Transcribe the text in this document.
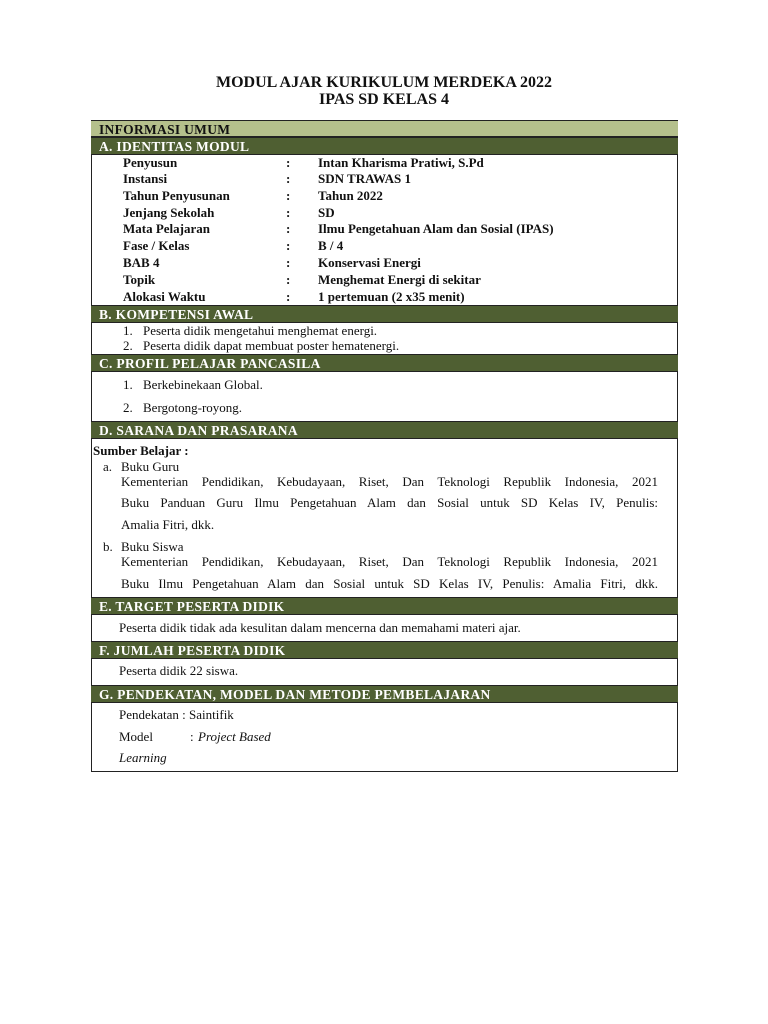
MODUL AJAR KURIKULUM MERDEKA 2022
IPAS SD KELAS 4
INFORMASI UMUM
A. IDENTITAS MODUL
Penyusun	: Intan Kharisma Pratiwi, S.Pd
Instansi	: SDN TRAWAS 1
Tahun Penyusunan	: Tahun 2022
Jenjang Sekolah	: SD
Mata Pelajaran	: Ilmu Pengetahuan Alam dan Sosial (IPAS)
Fase / Kelas	: B / 4
BAB 4	: Konservasi Energi
Topik	: Menghemat Energi di sekitar
Alokasi Waktu	: 1 pertemuan (2 x35 menit)
B. KOMPETENSI AWAL
1. Peserta didik mengetahui menghemat energi.
2. Peserta didik dapat membuat poster hematenergi.
C. PROFIL PELAJAR PANCASILA
1. Berkebinekaan Global.
2. Bergotong-royong.
D. SARANA DAN PRASARANA
Sumber Belajar :
a. Buku Guru
Kementerian Pendidikan, Kebudayaan, Riset, Dan Teknologi Republik Indonesia, 2021
Buku Panduan Guru Ilmu Pengetahuan Alam dan Sosial untuk SD Kelas IV, Penulis:
Amalia Fitri, dkk.
b. Buku Siswa
Kementerian Pendidikan, Kebudayaan, Riset, Dan Teknologi Republik Indonesia, 2021
Buku Ilmu Pengetahuan Alam dan Sosial untuk SD Kelas IV, Penulis: Amalia Fitri, dkk.
E. TARGET PESERTA DIDIK
Peserta didik tidak ada kesulitan dalam mencerna dan memahami materi ajar.
F. JUMLAH PESERTA DIDIK
Peserta didik 22 siswa.
G. PENDEKATAN, MODEL DAN METODE PEMBELAJARAN
Pendekatan : Saintifik
Model	: Project Based
Learning
